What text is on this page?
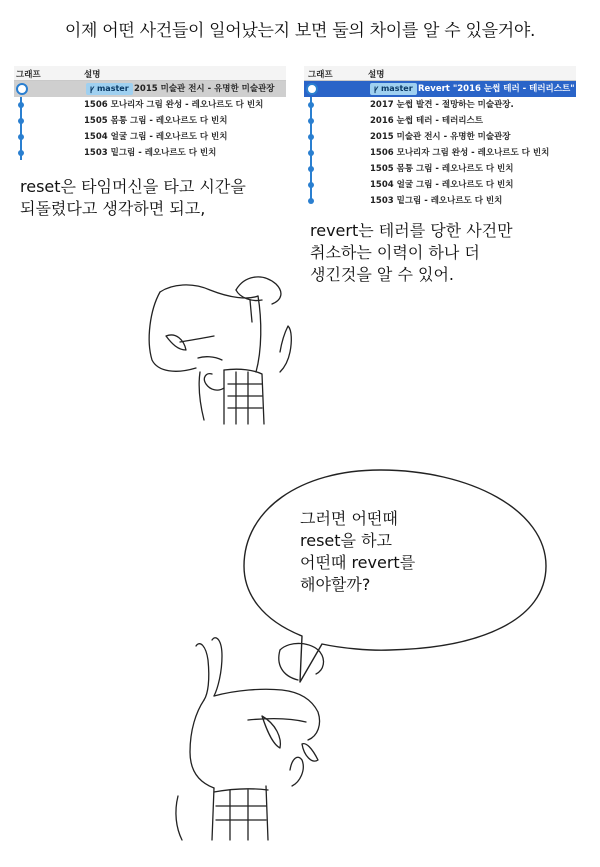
이제 어떤 사건들이 일어났는지 보면 둘의 차이를 알 수 있을거야.
그래프	설명
ꝩ master 2015 미술관 전시 - 유명한 미술관장
1506 모나리자 그림 완성 - 레오나르도 다 빈치
1505 몸통 그림 - 레오나르도 다 빈치
1504 얼굴 그림 - 레오나르도 다 빈치
1503 밑그림 - 레오나르도 다 빈치
그래프	설명
ꝩ master Revert "2016 눈썹 테러 - 테러리스트"
2017 눈썹 발견 - 절망하는 미술관장.
2016 눈썹 테러 - 테러리스트
2015 미술관 전시 - 유명한 미술관장
1506 모나리자 그림 완성 - 레오나르도 다 빈치
1505 몸통 그림 - 레오나르도 다 빈치
1504 얼굴 그림 - 레오나르도 다 빈치
1503 밑그림 - 레오나르도 다 빈치
reset은 타임머신을 타고 시간을
되돌렸다고 생각하면 되고,
revert는 테러를 당한 사건만
취소하는 이력이 하나 더
생긴것을 알 수 있어.
그러면 어떤때
reset을 하고
어떤때 revert를
해야할까?
